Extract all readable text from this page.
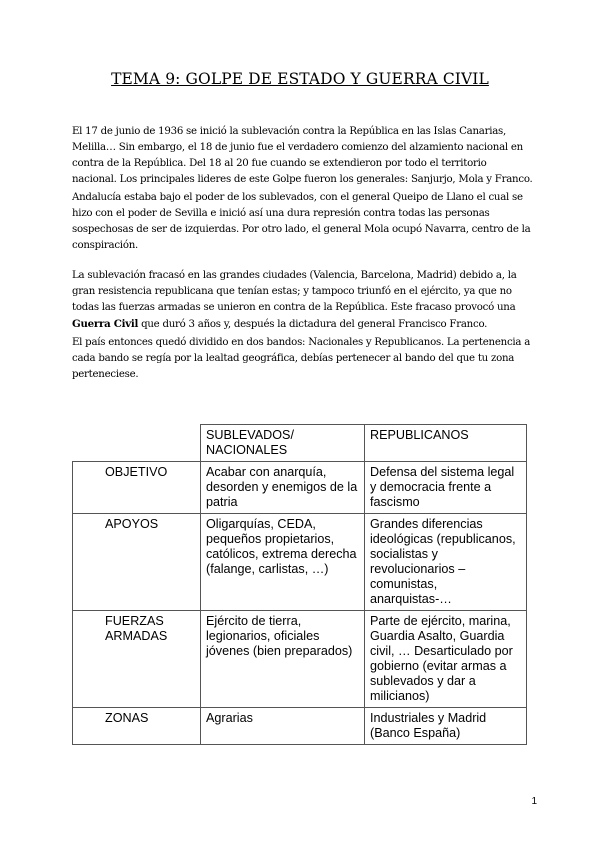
TEMA 9: GOLPE DE ESTADO Y GUERRA CIVIL

El 17 de junio de 1936 se inició la sublevación contra la República en las Islas Canarias, Melilla… Sin embargo, el 18 de junio fue el verdadero comienzo del alzamiento nacional en contra de la República. Del 18 al 20 fue cuando se extendieron por todo el territorio nacional. Los principales lideres de este Golpe fueron los generales: Sanjurjo, Mola y Franco.

Andalucía estaba bajo el poder de los sublevados, con el general Queipo de Llano el cual se hizo con el poder de Sevilla e inició así una dura represión contra todas las personas sospechosas de ser de izquierdas. Por otro lado, el general Mola ocupó Navarra, centro de la conspiración.

La sublevación fracasó en las grandes ciudades (Valencia, Barcelona, Madrid) debido a, la gran resistencia republicana que tenían estas; y tampoco triunfó en el ejército, ya que no todas las fuerzas armadas se unieron en contra de la República. Este fracaso provocó una Guerra Civil que duró 3 años y, después la dictadura del general Francisco Franco.

El país entonces quedó dividido en dos bandos: Nacionales y Republicanos. La pertenencia a cada bando se regía por la lealtad geográfica, debías pertenecer al bando del que tu zona perteneciese.

	SUBLEVADOS/ NACIONALES	REPUBLICANOS
OBJETIVO	Acabar con anarquía, desorden y enemigos de la patria	Defensa del sistema legal y democracia frente a fascismo
APOYOS	Oligarquías, CEDA, pequeños propietarios, católicos, extrema derecha (falange, carlistas, …)	Grandes diferencias ideológicas (republicanos, socialistas y revolucionarios – comunistas, anarquistas-…
FUERZAS ARMADAS	Ejército de tierra, legionarios, oficiales jóvenes (bien preparados)	Parte de ejército, marina, Guardia Asalto, Guardia civil, … Desarticulado por gobierno (evitar armas a sublevados y dar a milicianos)
ZONAS	Agrarias	Industriales y Madrid (Banco España)
1
